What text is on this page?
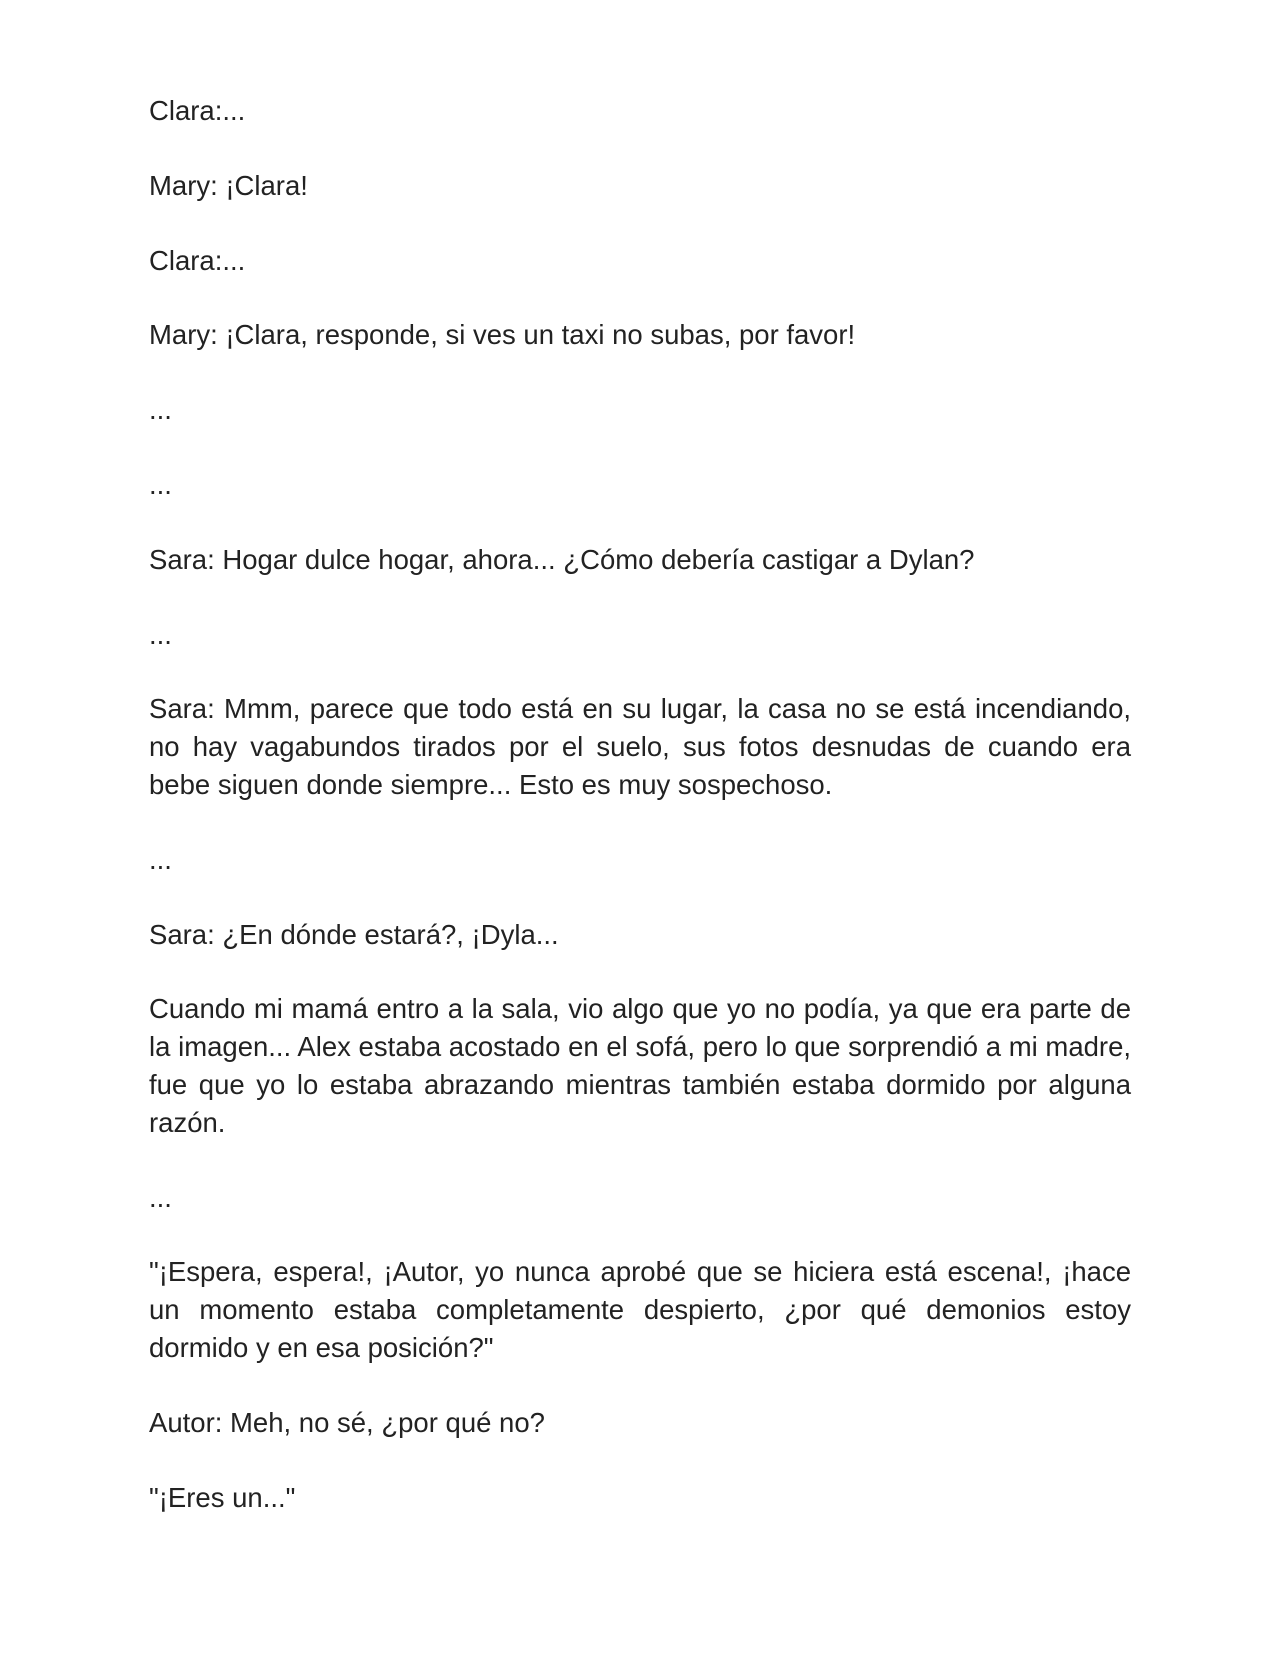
Clara:...

Mary: ¡Clara!

Clara:...

Mary: ¡Clara, responde, si ves un taxi no subas, por favor!

...

...

Sara: Hogar dulce hogar, ahora... ¿Cómo debería castigar a Dylan?

...

Sara: Mmm, parece que todo está en su lugar, la casa no se está incendiando, no hay vagabundos tirados por el suelo, sus fotos desnudas de cuando era bebe siguen donde siempre... Esto es muy sospechoso.

...

Sara: ¿En dónde estará?, ¡Dyla...

Cuando mi mamá entro a la sala, vio algo que yo no podía, ya que era parte de la imagen... Alex estaba acostado en el sofá, pero lo que sorprendió a mi madre, fue que yo lo estaba abrazando mientras también estaba dormido por alguna razón.

...

"¡Espera, espera!, ¡Autor, yo nunca aprobé que se hiciera está escena!, ¡hace un momento estaba completamente despierto, ¿por qué demonios estoy dormido y en esa posición?"

Autor: Meh, no sé, ¿por qué no?

"¡Eres un..."
